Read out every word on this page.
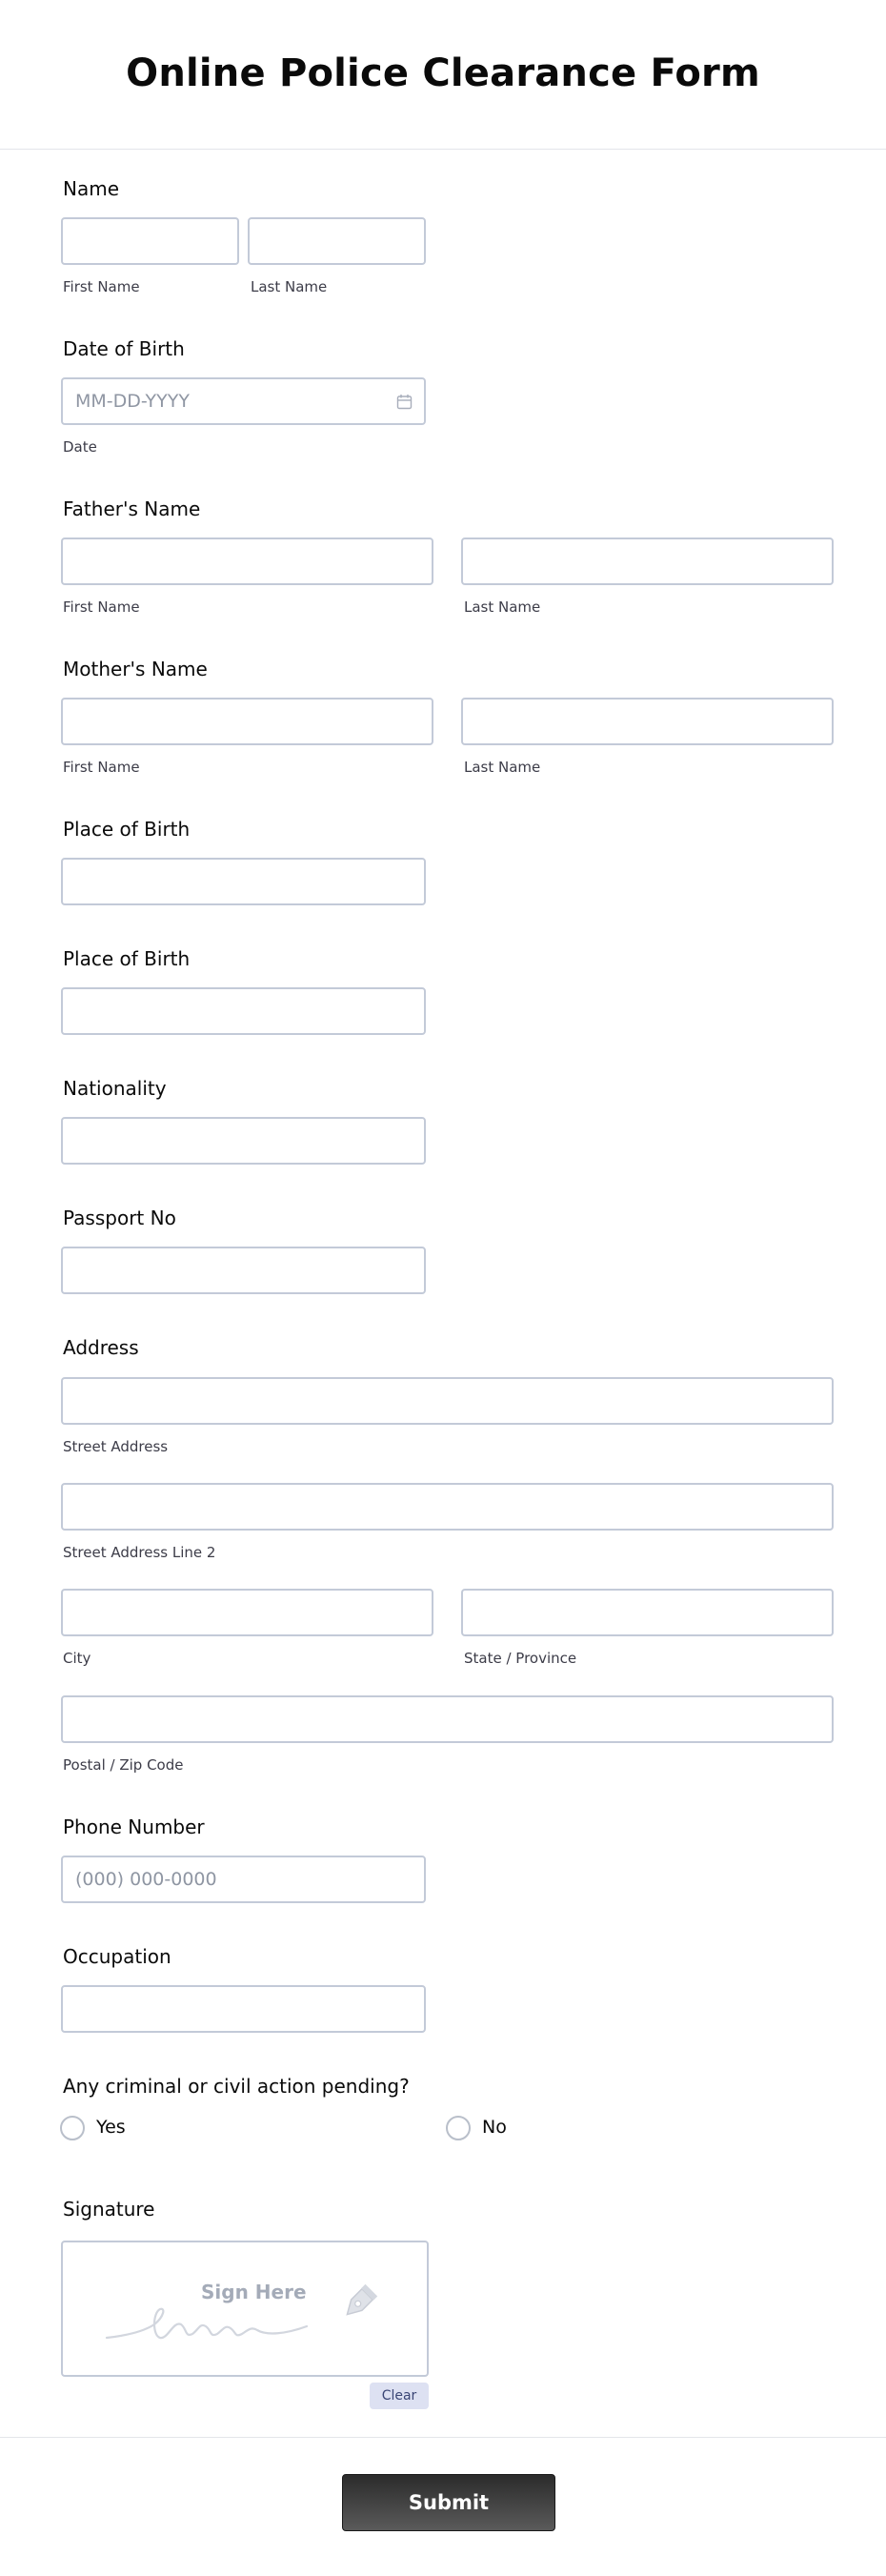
Online Police Clearance Form
Name
First Name	Last Name
Date of Birth
MM-DD-YYYY
Date
Father's Name
First Name	Last Name
Mother's Name
First Name	Last Name
Place of Birth
Place of Birth
Nationality
Passport No
Address
Street Address
Street Address Line 2
City	State / Province
Postal / Zip Code
Phone Number
(000) 000-0000
Occupation
Any criminal or civil action pending?
Yes	No
Signature
Sign Here
Clear
Submit
